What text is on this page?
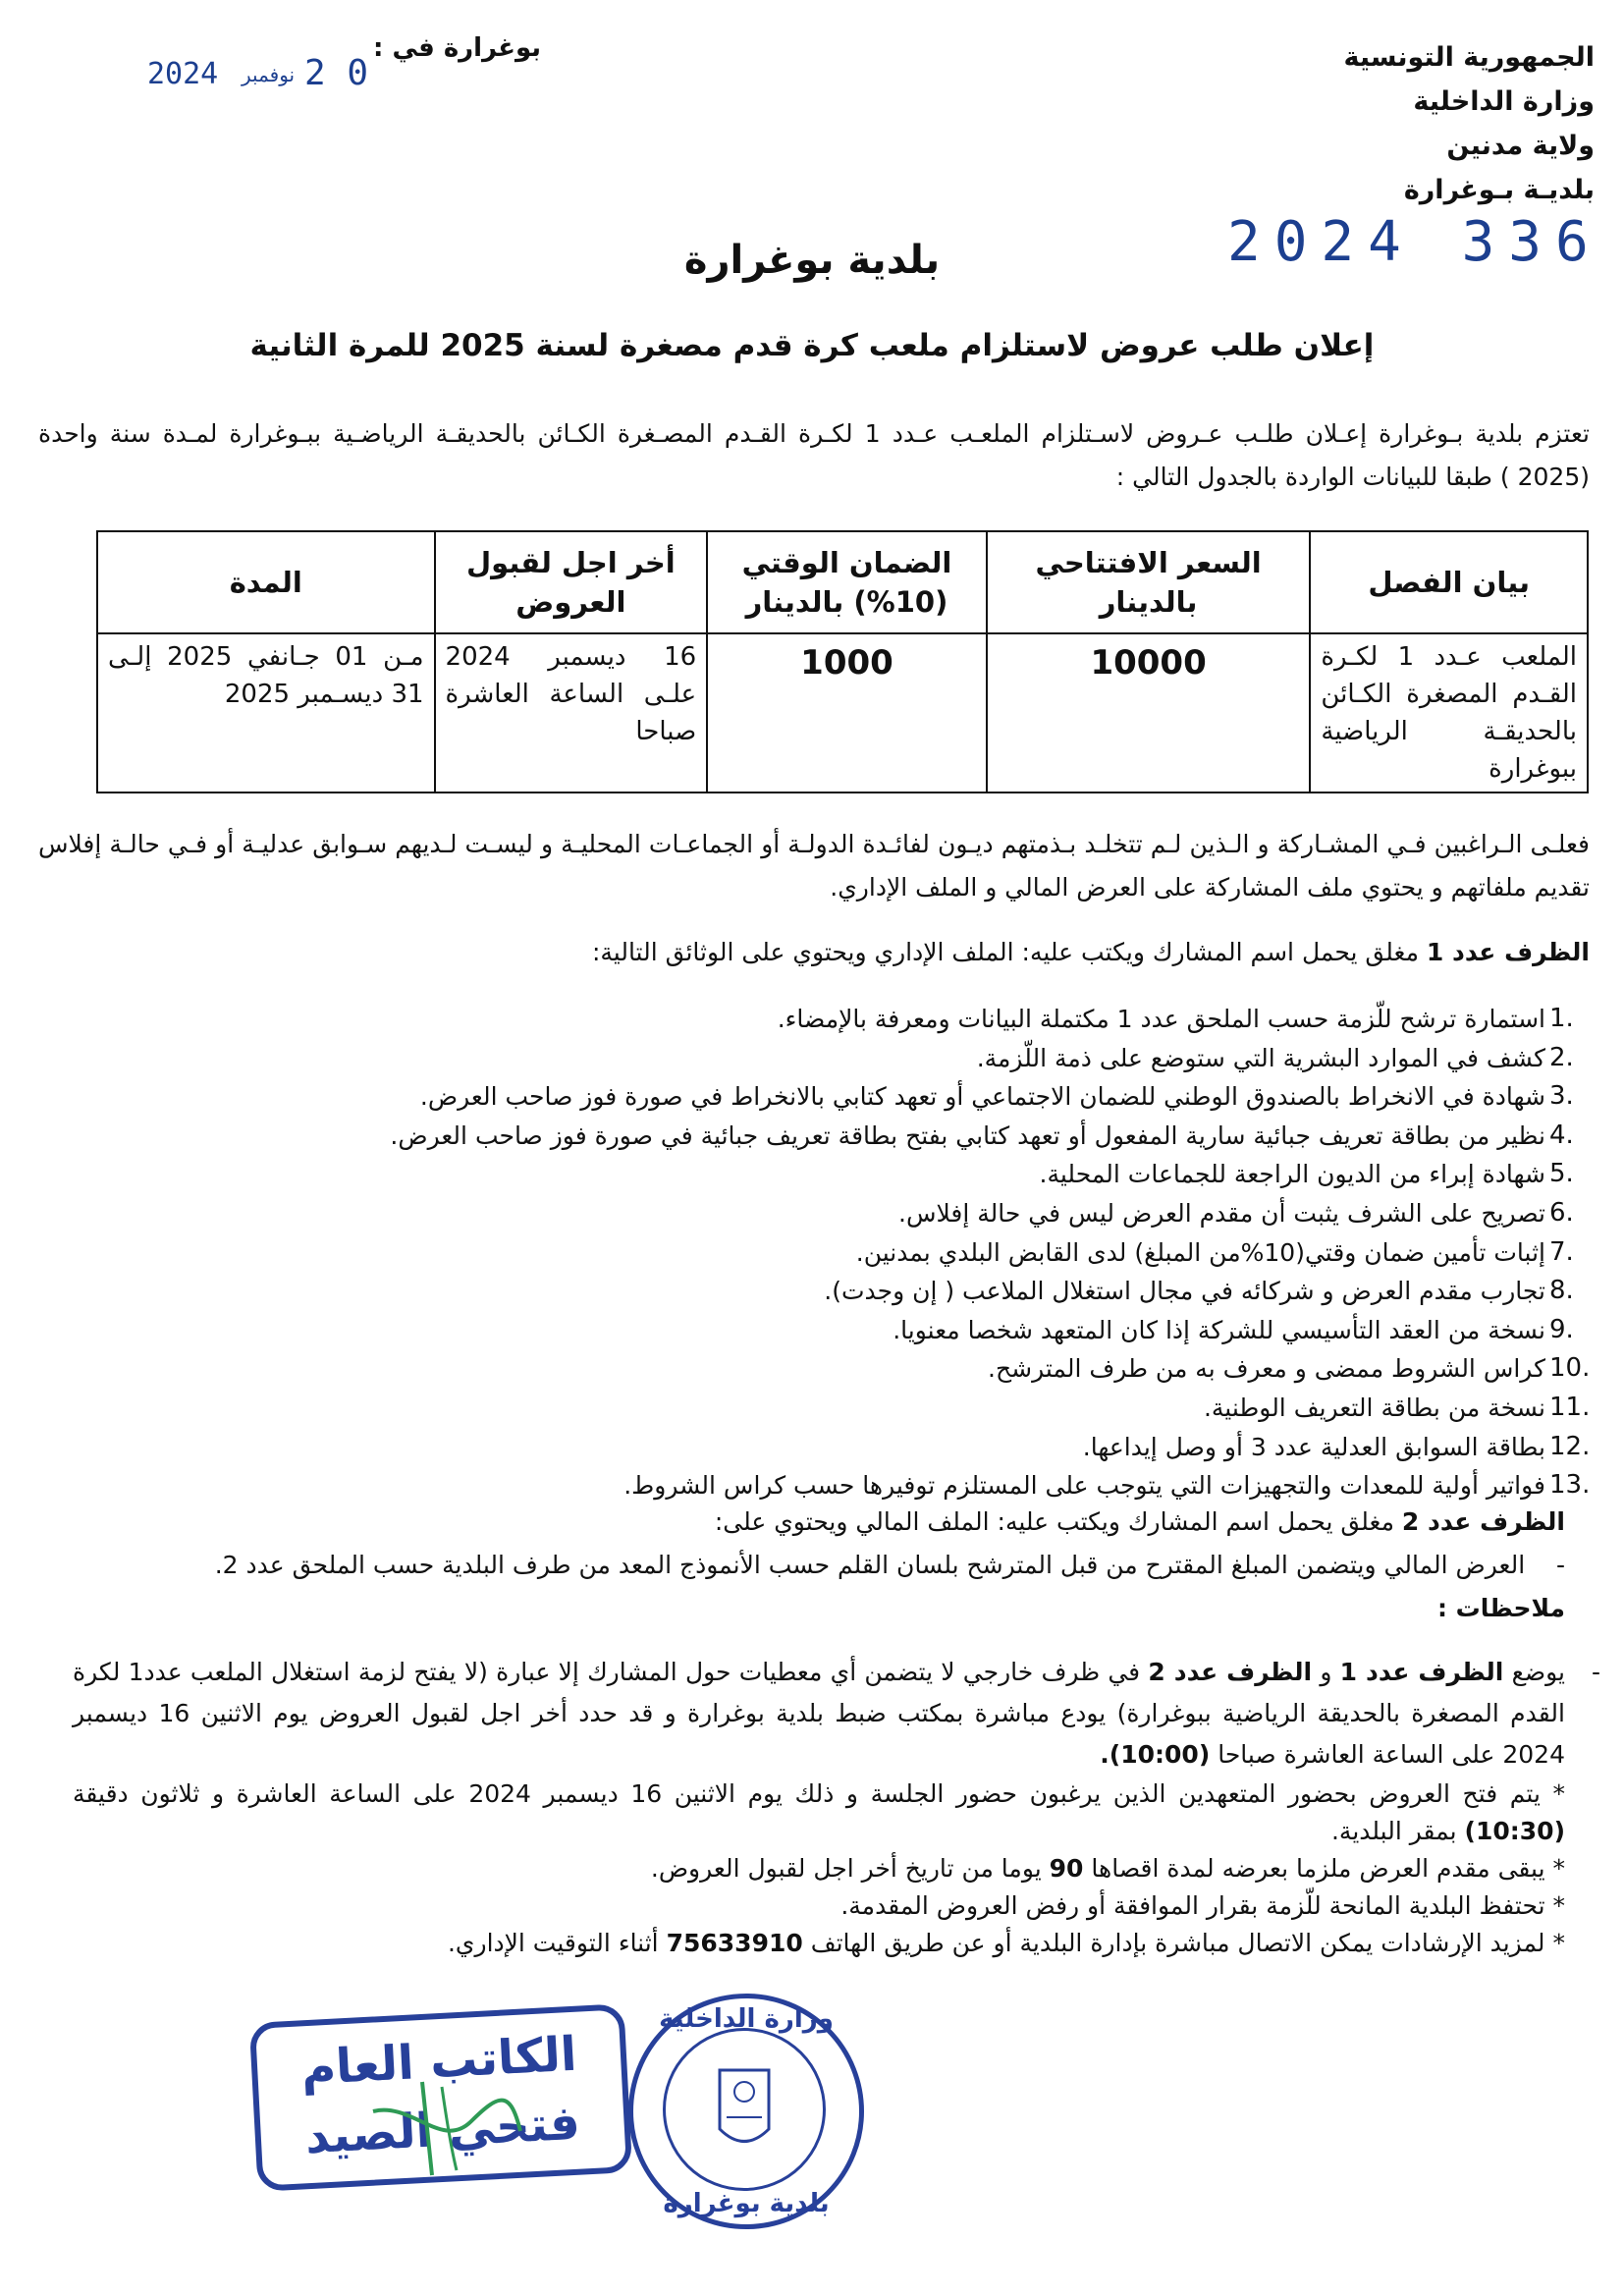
الجمهورية التونسية
وزارة الداخلية
ولاية مدنين
بلديـة بـوغرارة
بوغرارة في :
2024 نوفمبر 2 0
2024 336
بلدية بوغرارة
إعلان طلب عروض لاستلزام ملعب كرة قدم مصغرة لسنة 2025 للمرة الثانية
تعتزم بلدية بـوغرارة إعـلان طلـب عـروض لاسـتلزام الملعـب عـدد 1 لكـرة القـدم المصـغرة الكـائن بالحديقـة الرياضـية ببـوغرارة لمـدة سنة واحدة (2025 ) طبقا للبيانات الواردة بالجدول التالي :
بيان الفصل	السعر الافتتاحي بالدينار	الضمان الوقتي (10%) بالدينار	أخر اجل لقبول العروض	المدة
الملعب عـدد 1 لكـرة القـدم المصغرة الكـائن بالحديقـة الرياضية ببوغرارة	10000	1000	16 ديسمبر 2024 علـى الساعة العاشرة صباحا	مـن 01 جـانفي 2025 إلـى 31 ديسـمبر 2025
فعلـى الـراغبين فـي المشـاركة و الـذين لـم تتخلـد بـذمتهم ديـون لفائـدة الدولـة أو الجماعـات المحليـة و ليسـت لـديهم سـوابق عدليـة أو فـي حالـة إفلاس تقديم ملفاتهم و يحتوي ملف المشاركة على العرض المالي و الملف الإداري.
الظرف عدد 1 مغلق يحمل اسم المشارك ويكتب عليه: الملف الإداري ويحتوي على الوثائق التالية:
1.
استمارة ترشح للّزمة حسب الملحق عدد 1 مكتملة البيانات ومعرفة بالإمضاء.
2.
كشف في الموارد البشرية التي ستوضع على ذمة اللّزمة.
3.
شهادة في الانخراط بالصندوق الوطني للضمان الاجتماعي أو تعهد كتابي بالانخراط في صورة فوز صاحب العرض.
4.
نظير من بطاقة تعريف جبائية سارية المفعول أو تعهد كتابي بفتح بطاقة تعريف جبائية في صورة فوز صاحب العرض.
5.
شهادة إبراء من الديون الراجعة للجماعات المحلية.
6.
تصريح على الشرف يثبت أن مقدم العرض ليس في حالة إفلاس.
7.
إثبات تأمين ضمان وقتي(10%من المبلغ) لدى القابض البلدي بمدنين.
8.
تجارب مقدم العرض و شركائه في مجال استغلال الملاعب ( إن وجدت).
9.
نسخة من العقد التأسيسي للشركة إذا كان المتعهد شخصا معنويا.
10.
كراس الشروط ممضى و معرف به من طرف المترشح.
11.
نسخة من بطاقة التعريف الوطنية.
12.
بطاقة السوابق العدلية عدد 3 أو وصل إيداعها.
13.
فواتير أولية للمعدات والتجهيزات التي يتوجب على المستلزم توفيرها حسب كراس الشروط.
الظرف عدد 2 مغلق يحمل اسم المشارك ويكتب عليه: الملف المالي ويحتوي على:
-    العرض المالي ويتضمن المبلغ المقترح من قبل المترشح بلسان القلم حسب الأنموذج المعد من طرف البلدية حسب الملحق عدد 2.
ملاحظات :
-
يوضع الظرف عدد 1 و الظرف عدد 2 في ظرف خارجي لا يتضمن أي معطيات حول المشارك إلا عبارة (لا يفتح لزمة استغلال الملعب عدد1 لكرة القدم المصغرة بالحديقة الرياضية ببوغرارة) يودع مباشرة بمكتب ضبط بلدية بوغرارة و قد حدد أخر اجل لقبول العروض يوم الاثنين 16 ديسمبر 2024 على الساعة العاشرة صباحا (10:00).
* يتم فتح العروض بحضور المتعهدين الذين يرغبون حضور الجلسة و ذلك يوم الاثنين 16 ديسمبر 2024 على الساعة العاشرة و ثلاثون دقيقة (10:30) بمقر البلدية.
* يبقى مقدم العرض ملزما بعرضه لمدة اقصاها 90 يوما من تاريخ أخر اجل لقبول العروض.
* تحتفظ البلدية المانحة للّزمة بقرار الموافقة أو رفض العروض المقدمة.
* لمزيد الإرشادات يمكن الاتصال مباشرة بإدارة البلدية أو عن طريق الهاتف 75633910 أثناء التوقيت الإداري.
الكاتب العام
فتحي الصيد
وزارة الداخلية
بلدية بوغرارة
